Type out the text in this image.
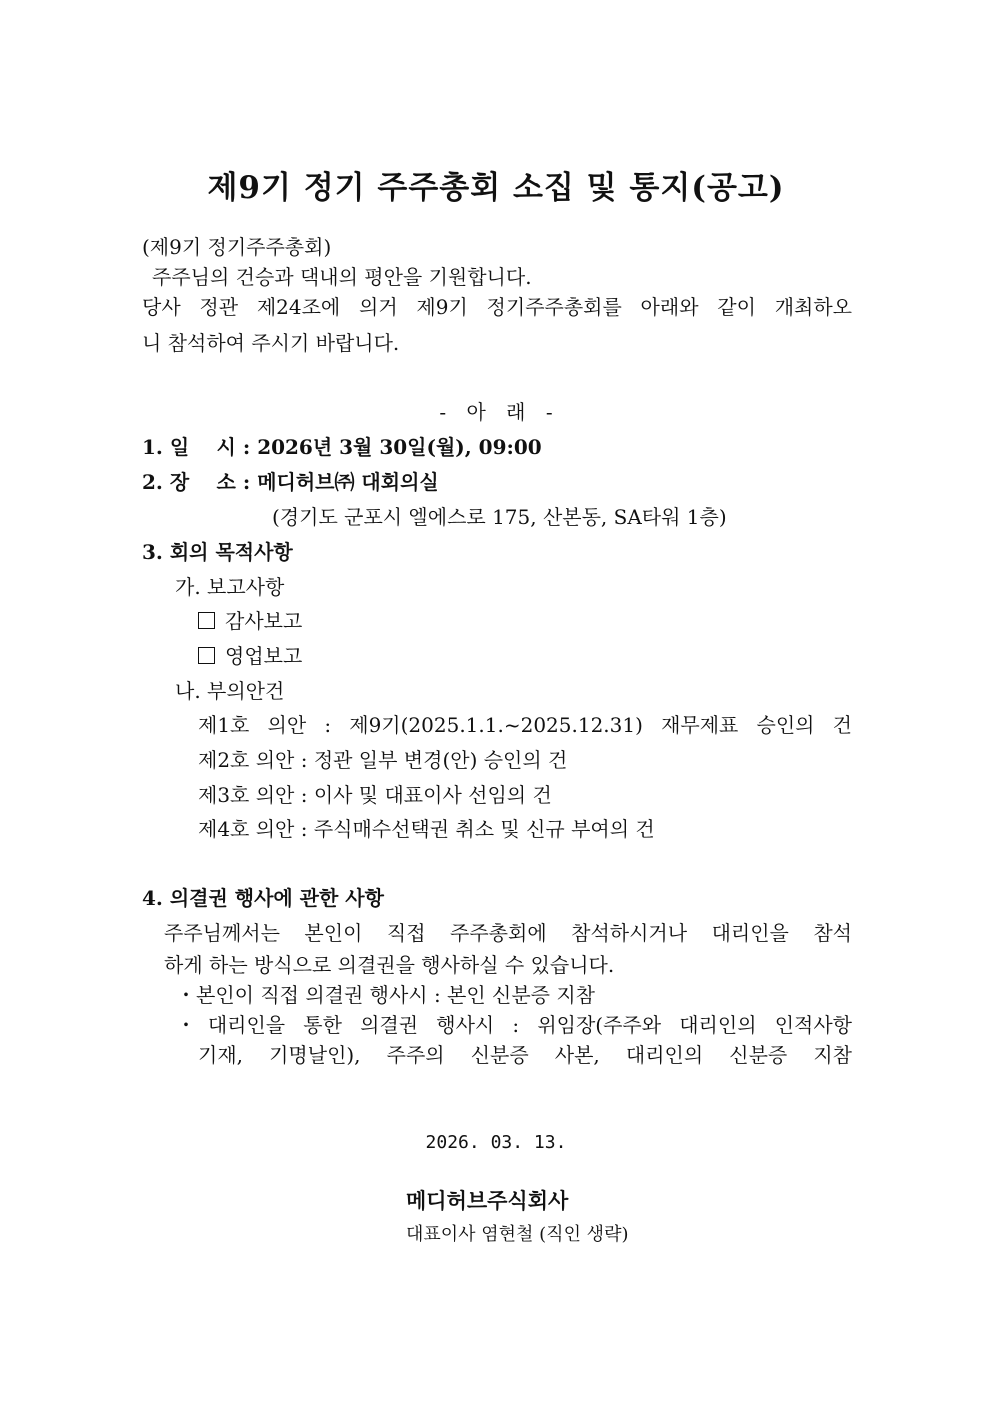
제9기 정기 주주총회 소집 및 통지(공고)
(제9기 정기주주총회)
주주님의 건승과 댁내의 평안을 기원합니다.
당사 정관 제24조에 의거 제9기 정기주주총회를 아래와 같이 개최하오
니 참석하여 주시기 바랍니다.
- 아 래 -
1. 일 시 : 2026년 3월 30일(월), 09:00
2. 장 소 : 메디허브㈜ 대회의실
(경기도 군포시 엘에스로 175, 산본동, SA타워 1층)
3. 회의 목적사항
가. 보고사항
감사보고
영업보고
나. 부의안건
제1호 의안 : 제9기(2025.1.1.~2025.12.31) 재무제표 승인의 건
제2호 의안 : 정관 일부 변경(안) 승인의 건
제3호 의안 : 이사 및 대표이사 선임의 건
제4호 의안 : 주식매수선택권 취소 및 신규 부여의 건
4. 의결권 행사에 관한 사항
주주님께서는 본인이 직접 주주총회에 참석하시거나 대리인을 참석
하게 하는 방식으로 의결권을 행사하실 수 있습니다.
・본인이 직접 의결권 행사시 : 본인 신분증 지참
・대리인을 통한 의결권 행사시 : 위임장(주주와 대리인의 인적사항
기재, 기명날인), 주주의 신분증 사본, 대리인의 신분증 지참
2026. 03. 13.
메디허브주식회사
대표이사 염현철 (직인 생략)
